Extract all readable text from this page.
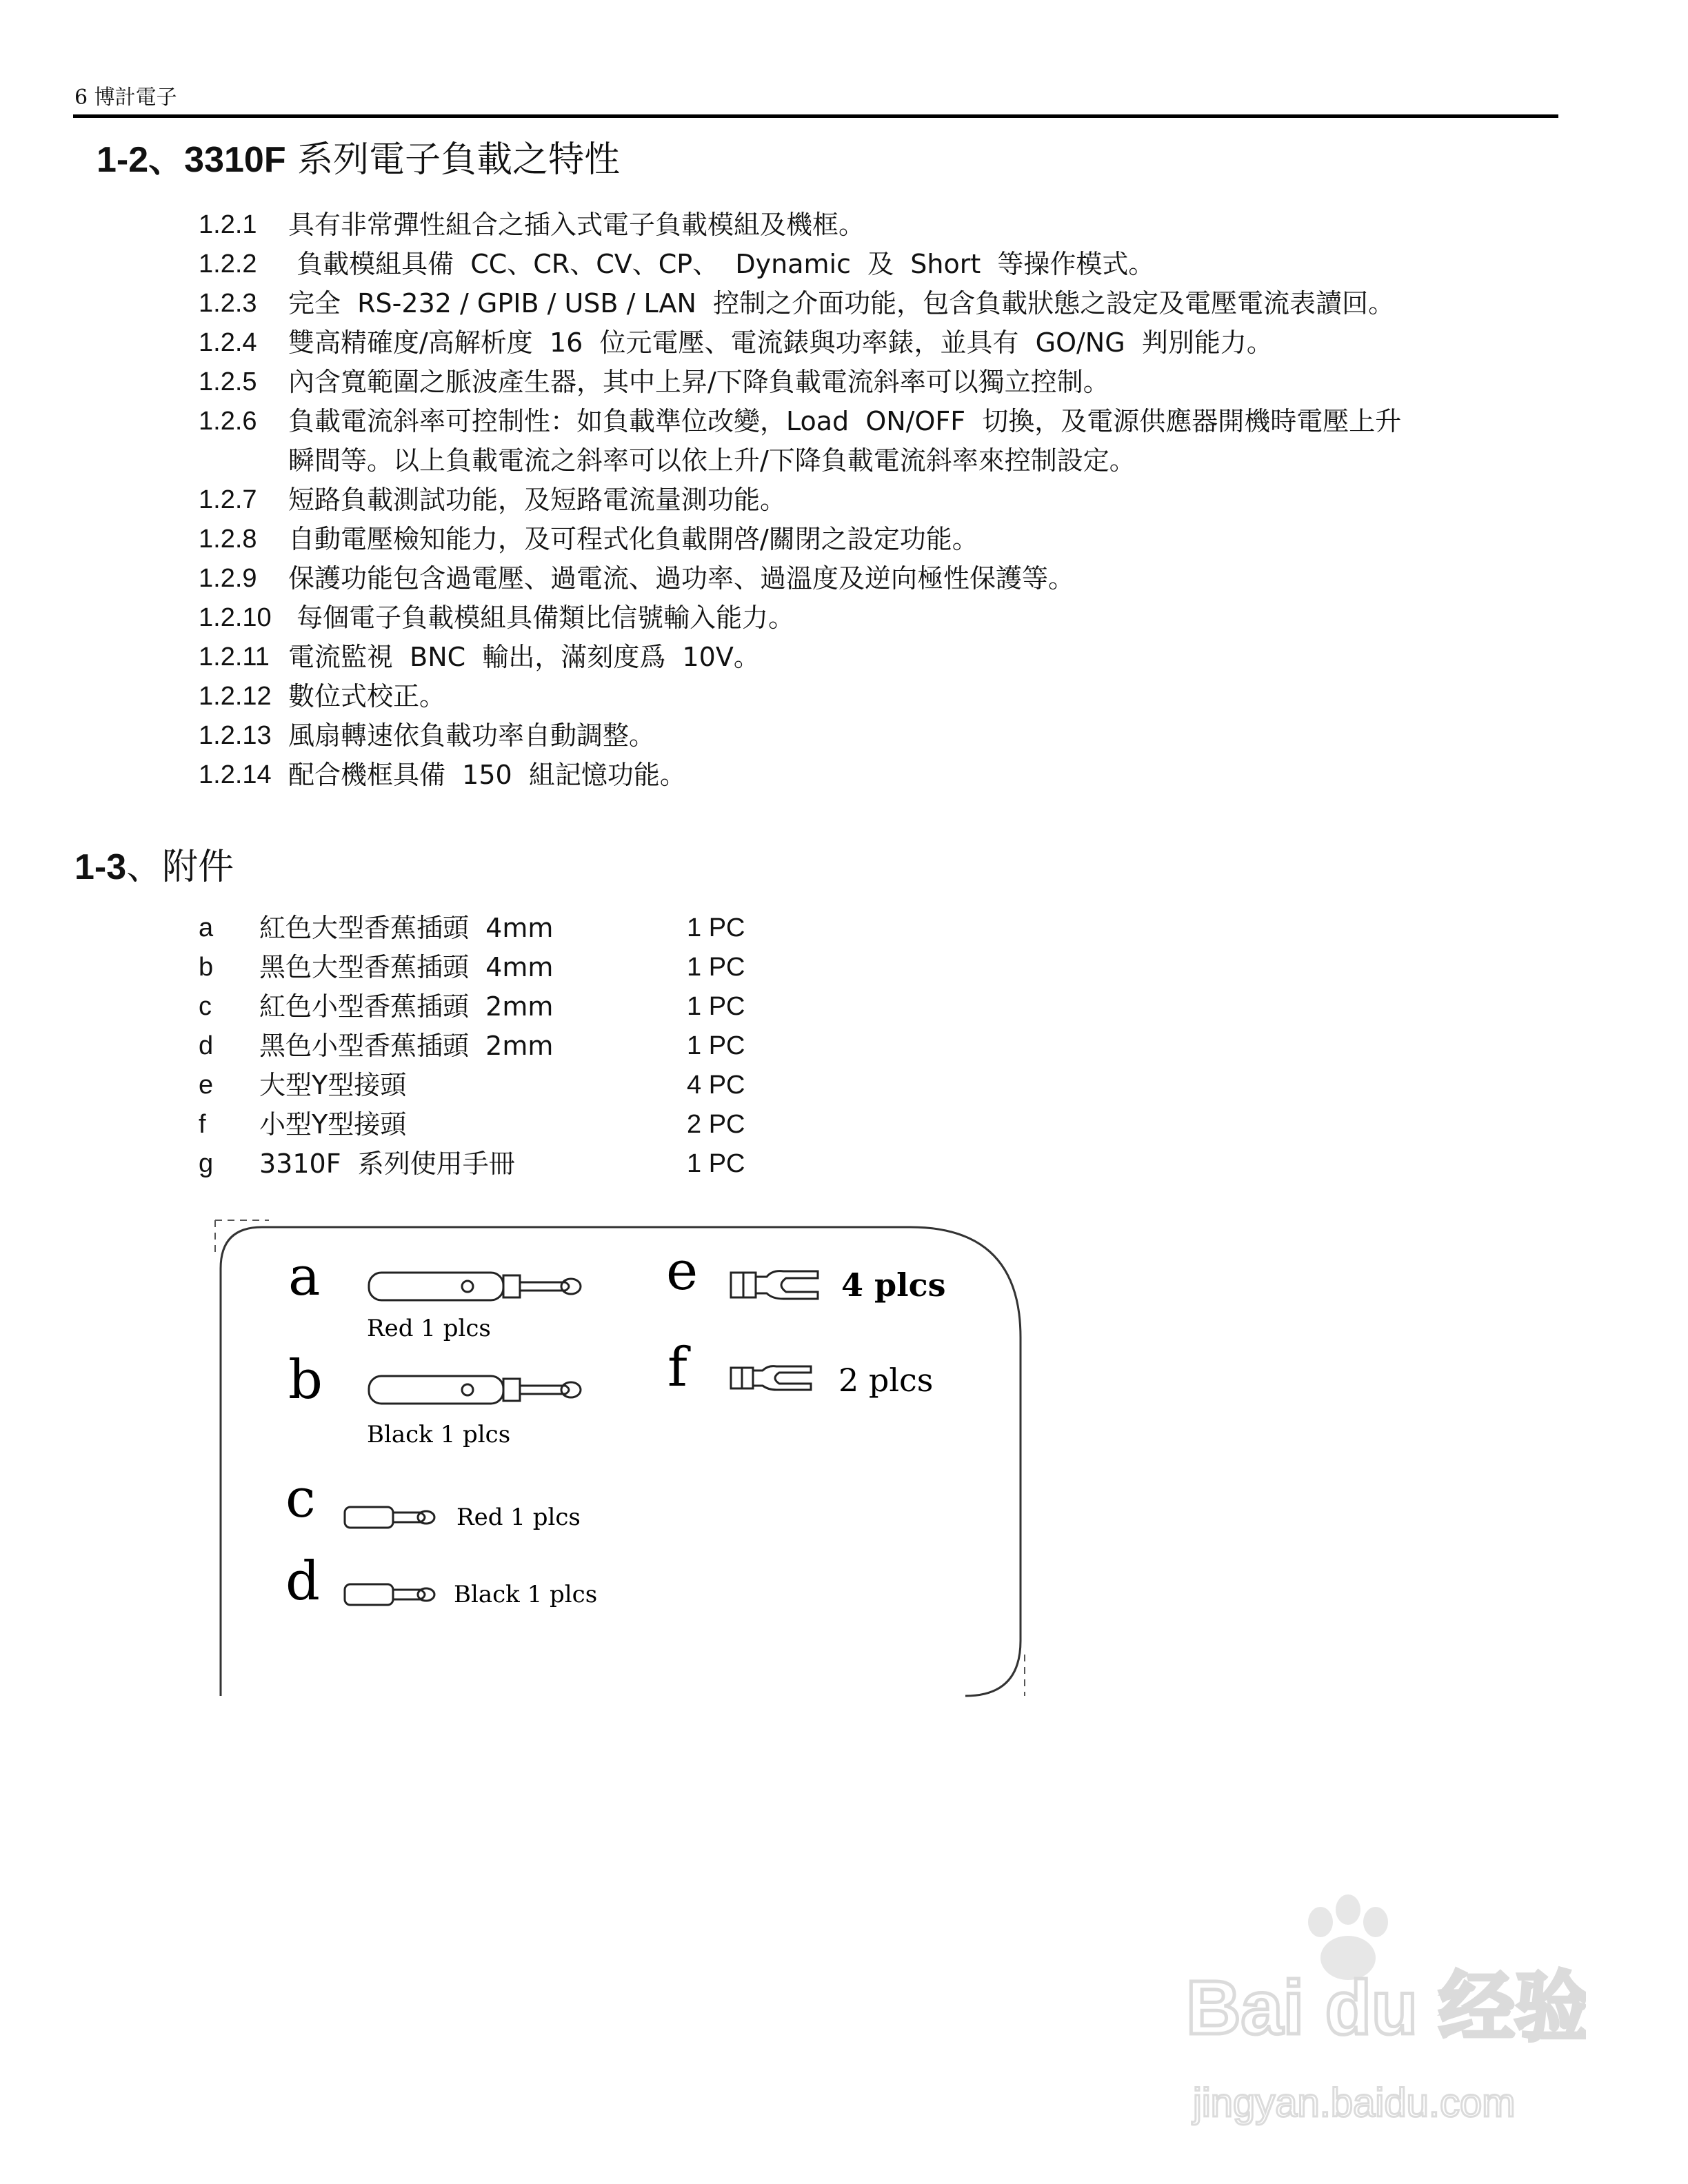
6 博計電子
1-2、3310F 系列電子負載之特性
1.2.1	具有非常彈性組合之插入式電子負載模組及機框。
1.2.2	負載模組具備  CC、CR、CV、CP、  Dynamic  及  Short  等操作模式。
1.2.3	完全  RS-232 / GPIB / USB / LAN  控制之介面功能，包含負載狀態之設定及電壓電流表讀回。
1.2.4	雙高精確度/高解析度  16  位元電壓、電流錶與功率錶，並具有  GO/NG  判別能力。
1.2.5	內含寬範圍之脈波產生器，其中上昇/下降負載電流斜率可以獨立控制。
1.2.6	負載電流斜率可控制性：如負載準位改變，Load  ON/OFF  切換，及電源供應器開機時電壓上升
瞬間等。以上負載電流之斜率可以依上升/下降負載電流斜率來控制設定。
1.2.7	短路負載測試功能，及短路電流量測功能。
1.2.8	自動電壓檢知能力，及可程式化負載開啓/關閉之設定功能。
1.2.9	保護功能包含過電壓、過電流、過功率、過溫度及逆向極性保護等。
1.2.10 每個電子負載模組具備類比信號輸入能力。
1.2.11 電流監視  BNC  輸出，滿刻度爲  10V。
1.2.12 數位式校正。
1.2.13 風扇轉速依負載功率自動調整。
1.2.14 配合機框具備  150  組記憶功能。
1-3、附件
a	紅色大型香蕉插頭  4mm	1 PC
b	黑色大型香蕉插頭  4mm	1 PC
c	紅色小型香蕉插頭  2mm	1 PC
d	黑色小型香蕉插頭  2mm	1 PC
e	大型Y型接頭	4 PC
f	小型Y型接頭	2 PC
g	3310F  系列使用手冊	1 PC
a
Red 1 plcs
b
Black 1 plcs
c	Red 1 plcs
d	Black 1 plcs
e	4 plcs
f	2 plcs
Bai du 经验
jingyan.baidu.com
